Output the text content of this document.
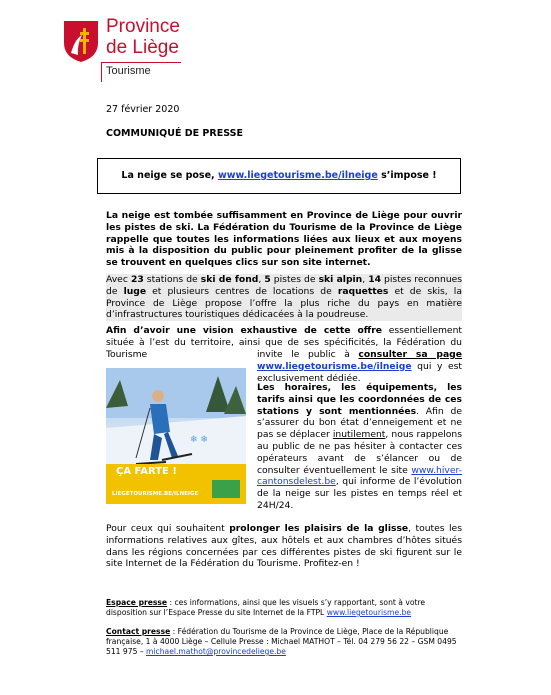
Province
de Liège
Tourisme
27 février 2020
COMMUNIQUÉ DE PRESSE
La neige se pose, www.liegetourisme.be/ilneige s’impose !
La neige est tombée suffisamment en Province de Liège pour ouvrir les pistes de ski. La Fédération du Tourisme de la Province de Liège rappelle que toutes les informations liées aux lieux et aux moyens mis à la disposition du public pour pleinement profiter de la glisse se trouvent en quelques clics sur son site internet.
Avec 23 stations de ski de fond, 5 pistes de ski alpin, 14 pistes reconnues de luge et plusieurs centres de locations de raquettes et de skis, la Province de Liège propose l’offre la plus riche du pays en matière d’infrastructures touristiques dédicacées à la poudreuse.
Afin d’avoir une vision exhaustive de cette offre essentiellement située à l’est du territoire, ainsi que de ses spécificités, la Fédération du Tourisme	invite le public à consulter sa page www.liegetourisme.be/ilneige qui y est exclusivement dédiée.
❄ ❄
ÇA FARTE !
LIEGETOURISME.BE/ILNEIGE
Les horaires, les équipements, les tarifs ainsi que les coordonnées de ces stations y sont mentionnées. Afin de s’assurer du bon état d’enneigement et ne pas se déplacer inutilement, nous rappelons au public de ne pas hésiter à contacter ces opérateurs avant de s’élancer ou de consulter éventuellement le site www.hiver-cantonsdelest.be, qui informe de l’évolution de la neige sur les pistes en temps réel et 24H/24.
Pour ceux qui souhaitent prolonger les plaisirs de la glisse, toutes les informations relatives aux gîtes, aux hôtels et aux chambres d’hôtes situés dans les régions concernées par ces différentes pistes de ski figurent sur le site Internet de la Fédération du Tourisme. Profitez-en !
Espace presse : ces informations, ainsi que les visuels s’y rapportant, sont à votre disposition sur l’Espace Presse du site Internet de la FTPL www.liegetourisme.be
Contact presse : Fédération du Tourisme de la Province de Liège, Place de la République française, 1 à 4000 Liège – Cellule Presse : Michael MATHOT – Tél. 04 279 56 22 – GSM 0495 511 975 – michael.mathot@provincedeliege.be
